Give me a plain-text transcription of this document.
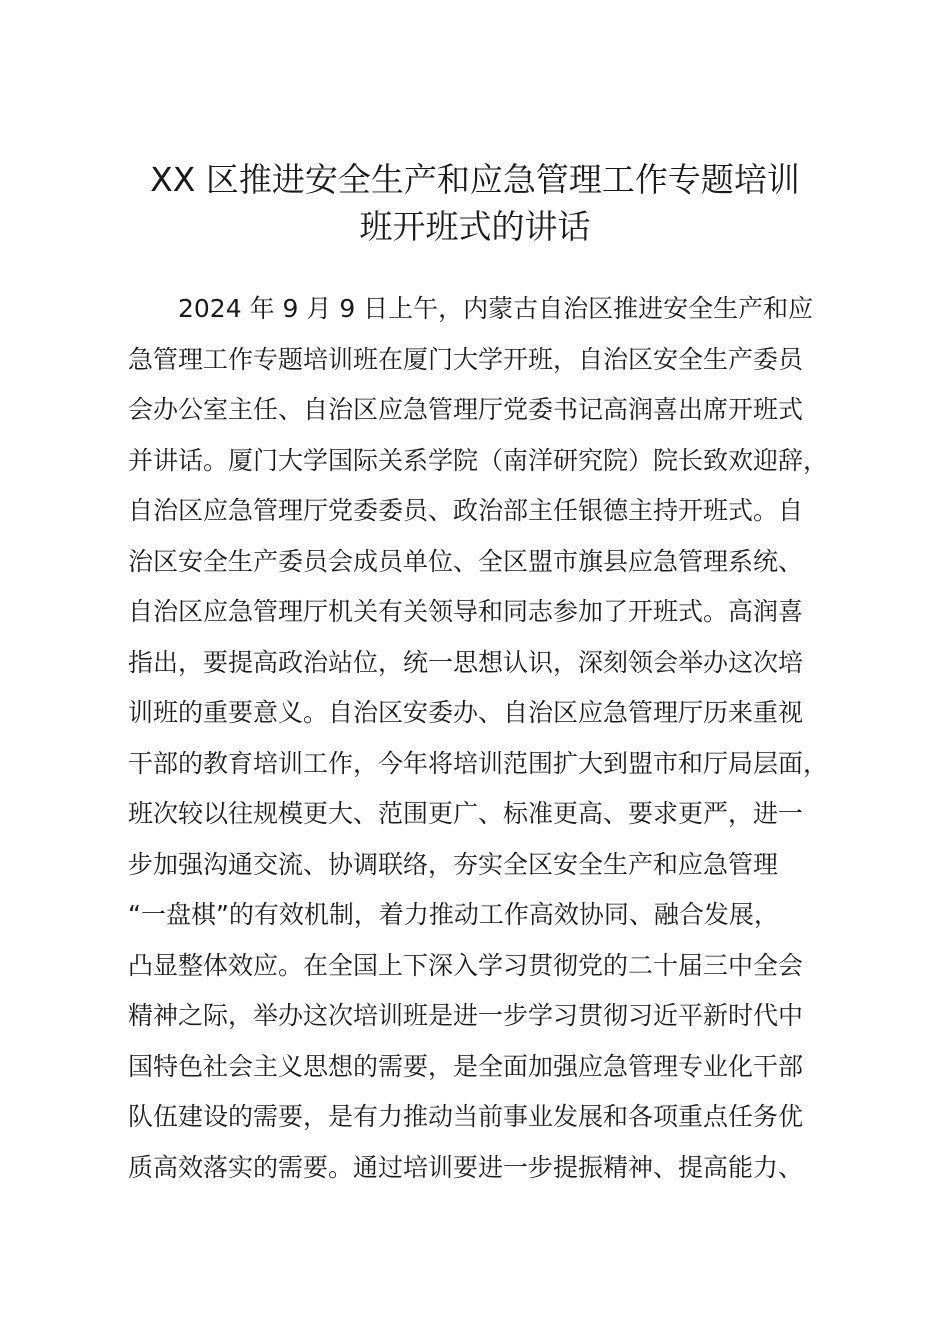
XX 区推进安全生产和应急管理工作专题培训
班开班式的讲话
2024 年 9 月 9 日上午，内蒙古自治区推进安全生产和应
急管理工作专题培训班在厦门大学开班，自治区安全生产委员
会办公室主任、自治区应急管理厅党委书记高润喜出席开班式
并讲话。厦门大学国际关系学院（南洋研究院）院长致欢迎辞，
自治区应急管理厅党委委员、政治部主任银德主持开班式。自
治区安全生产委员会成员单位、全区盟市旗县应急管理系统、
自治区应急管理厅机关有关领导和同志参加了开班式。高润喜
指出，要提高政治站位，统一思想认识，深刻领会举办这次培
训班的重要意义。自治区安委办、自治区应急管理厅历来重视
干部的教育培训工作，今年将培训范围扩大到盟市和厅局层面，
班次较以往规模更大、范围更广、标准更高、要求更严，进一
步加强沟通交流、协调联络，夯实全区安全生产和应急管理
“一盘棋”的有效机制，着力推动工作高效协同、融合发展，
凸显整体效应。在全国上下深入学习贯彻党的二十届三中全会
精神之际，举办这次培训班是进一步学习贯彻习近平新时代中
国特色社会主义思想的需要，是全面加强应急管理专业化干部
队伍建设的需要，是有力推动当前事业发展和各项重点任务优
质高效落实的需要。通过培训要进一步提振精神、提高能力、
